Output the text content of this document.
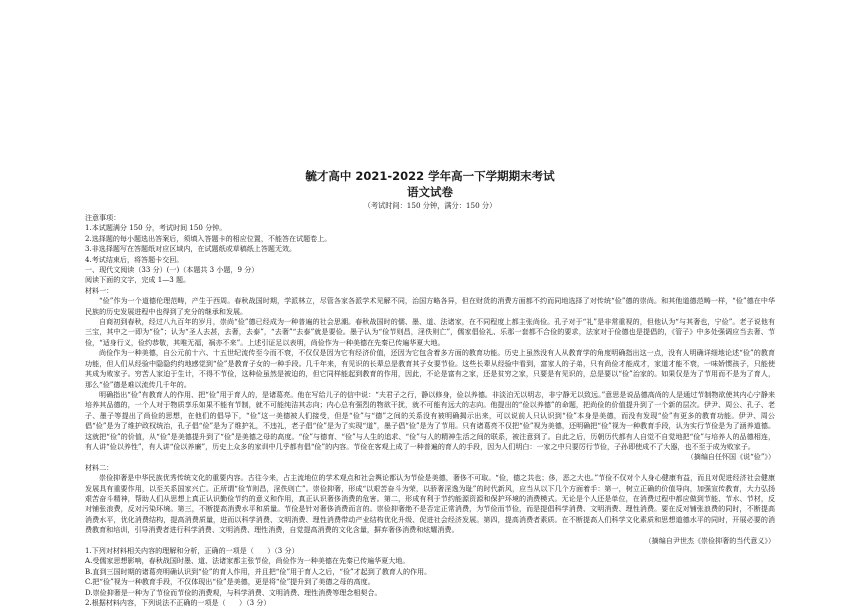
毓才高中 2021-2022 学年高一下学期期末考试
语文试卷
（考试时间：150 分钟，满分：150 分）

注意事项：

1.本试题满分 150 分，考试时间 150 分钟。

2.选择题的每小题选出答案后，须填入答题卡的相应位置，不能答在试题卷上。

3.非选择题写在答题纸对应区域内，在试题纸或草稿纸上答题无效。

4.考试结束后，将答题卡交回。

一、现代文阅读（33 分）(一)（本题共 3 小题，9 分）

阅读下面的文字，完成 1—3 题。

材料一：

“俭”作为一个道德伦理范畴，产生于西周。春秋战国时期，学派林立，尽管各家各派学术见解不同，治国方略各异，但在财货的消费方面都不约而同地选择了对传统“俭”德的崇尚。和其他道德范畴一样，“俭”德在中华民族的历史发展进程中也得到了充分的继承和发展。

自商初到春秋，经过八九百年的岁月，崇尚“俭”德已经成为一种普遍的社会思潮。春秋战国时的儒、墨、道、法诸家，在不同程度上都主张尚俭。孔子对于“礼”是非常重视的，但他认为“与其奢也，宁俭”。老子说他有三宝，其中之一即为“俭”；认为“圣人去甚，去奢，去泰”，“去奢”“去泰”就是要俭。墨子认为“俭节则昌，淫佚则亡”，儒家倡俭礼、乐那一套都不合俭的要求，法家对于俭德也是提倡的，《管子》中多处强调应当去奢、节俭，“适身行义，俭约恭敬，其唯无福，祸亦不来”。上述引证足以表明，尚俭作为一种美德在先秦已传遍华夏大地。

尚俭作为一种美德，自公元前十六、十五世纪流传至今而不衰，不仅仅是因为它有经济价值，还因为它包含着多方面的教育功能。历史上虽然没有人从教育学的角度明确指出这一点，没有人明确详细地论述“俭”的教育功能，但人们从经验中隐隐约约地感觉到“俭”是教育子女的一种手段。几千年来，有见识的长辈总是教育其子女要节俭。这些长辈从经验中看到，富家人的子弟，只有尚俭才能成才，家道才能不衰，一味娇惯孩子，只能使其成为败家子。穷苦人家迫于生计，不得不节俭，这种俭虽然是被迫的，但它同样能起到教育的作用，因此，不论是富有之家，还是贫穷之家，只要是有见识的，总是要以“俭”治家的。如果仅是为了节用而不是为了育人，那么“俭”德是难以流传几千年的。

明确指出“俭”有教育人的作用、把“俭”用于育人的，是诸葛亮。他在写给儿子的信中说：“夫君子之行，静以修身，俭以养德。非淡泊无以明志，非宁静无以致远。”意思是说品德高尚的人是通过节制物欲使其内心宁静来培养其品德的，一个人对于物质享乐如果不能有节制，就不可能纯洁其志向；内心总有强烈的物欲干扰，就不可能有远大的志向。他提出的“俭以养德”的命题，把尚俭的价值提升到了一个新的层次。伊尹、周公、孔子、老子、墨子等提出了尚俭的思想，在他们的倡导下，“俭”这一美德被人们接受，但是“俭”与“德”之间的关系没有被明确揭示出来，可以说前人只认识到“俭”本身是美德，而没有发现“俭”有更多的教育功能。伊尹、周公倡“俭”是为了维护政权统治，孔子倡“俭”是为了维护礼，不违礼，老子倡“俭”是为了实现“道”，墨子倡“俭”是为了节用。只有诸葛亮不仅把“俭”视为美德，还明确把“俭”视为一种教育手段，认为实行节俭是为了涵养道德。这就把“俭”的价值，从“俭”是美德提升到了“俭”是美德之母的高度。“俭”与德育、“俭”与人生的追求、“俭”与人的精神生活之间的联系，被注意到了。自此之后，历朝历代都有人自觉不自觉地把“俭”与培养人的品德相连，有人讲“俭以养性”，有人讲“俭以养廉”，历史上众多的家训中几乎都有倡“俭”的内容。节俭在客观上成了一种普遍的育人的手段，因为人们明白：一家之中只要厉行节俭，子孙即使成不了大器，也不至于成为败家子。

（摘编自任怀国《说“俭”》）

材料二：

崇俭抑奢是中华民族优秀传统文化的重要内容。古往今来，占主流地位的学术观点和社会舆论都认为节俭是美德，奢侈不可取。“俭，德之共也；侈，恶之大也。”节俭不仅对个人身心健康有益，而且对促进经济社会健康发展具有重要作用，以至关系国家兴亡。正所谓“俭节则昌，淫佚则亡”。崇俭抑奢，形成“以艰苦奋斗为荣，以骄奢淫逸为耻”的时代新风，应当从以下几个方面着手：第一，树立正确的价值导向，加强宣传教育，大力弘扬艰苦奋斗精神，帮助人们从思想上真正认识勤俭节约的意义和作用，真正认识奢侈消费的危害。第二，形成有利于节约能源资源和保护环境的消费模式。无论是个人还是单位，在消费过程中都应做到节能、节水、节材，反对铺张浪费，反对污染环境。第三，不断提高消费水平和质量。节俭是针对奢侈消费而言的。崇俭抑奢绝不是否定正常消费，为节俭而节俭，而是提倡科学消费、文明消费、理性消费。要在反对铺张浪费的同时，不断提高消费水平，优化消费结构，提高消费质量，进而以科学消费、文明消费、理性消费带动产业结构优化升级、促进社会经济发展。第四，提高消费者素质。在不断提高人们科学文化素质和思想道德水平的同时，开展必要的消费教育和培训，引导消费者进行科学消费、文明消费、理性消费，自觉提高消费的文化含量，摒弃奢侈消费和炫耀消费。

（摘编自尹世杰《崇俭抑奢的当代意义》）

1.下列对材料相关内容的理解和分析，正确的一项是（      ）（3 分）

A.受儒家思想影响，春秋战国时墨、道、法诸家都主张节俭，尚俭作为一种美德在先秦已传遍华夏大地。

B.直到三国时期的诸葛亮明确认识到“俭”的育人作用，并且把“俭”用于育人之后，“俭”才起到了教育人的作用。

C.把“俭”视为一种教育手段，不仅体现出“俭”是美德，更是将“俭”提升到了美德之母的高度。

D.崇俭抑奢是一种为了节俭而节俭的消费观，与科学消费、文明消费、理性消费等理念相契合。

2.根据材料内容，下列说法不正确的一项是（      ）（3 分）
